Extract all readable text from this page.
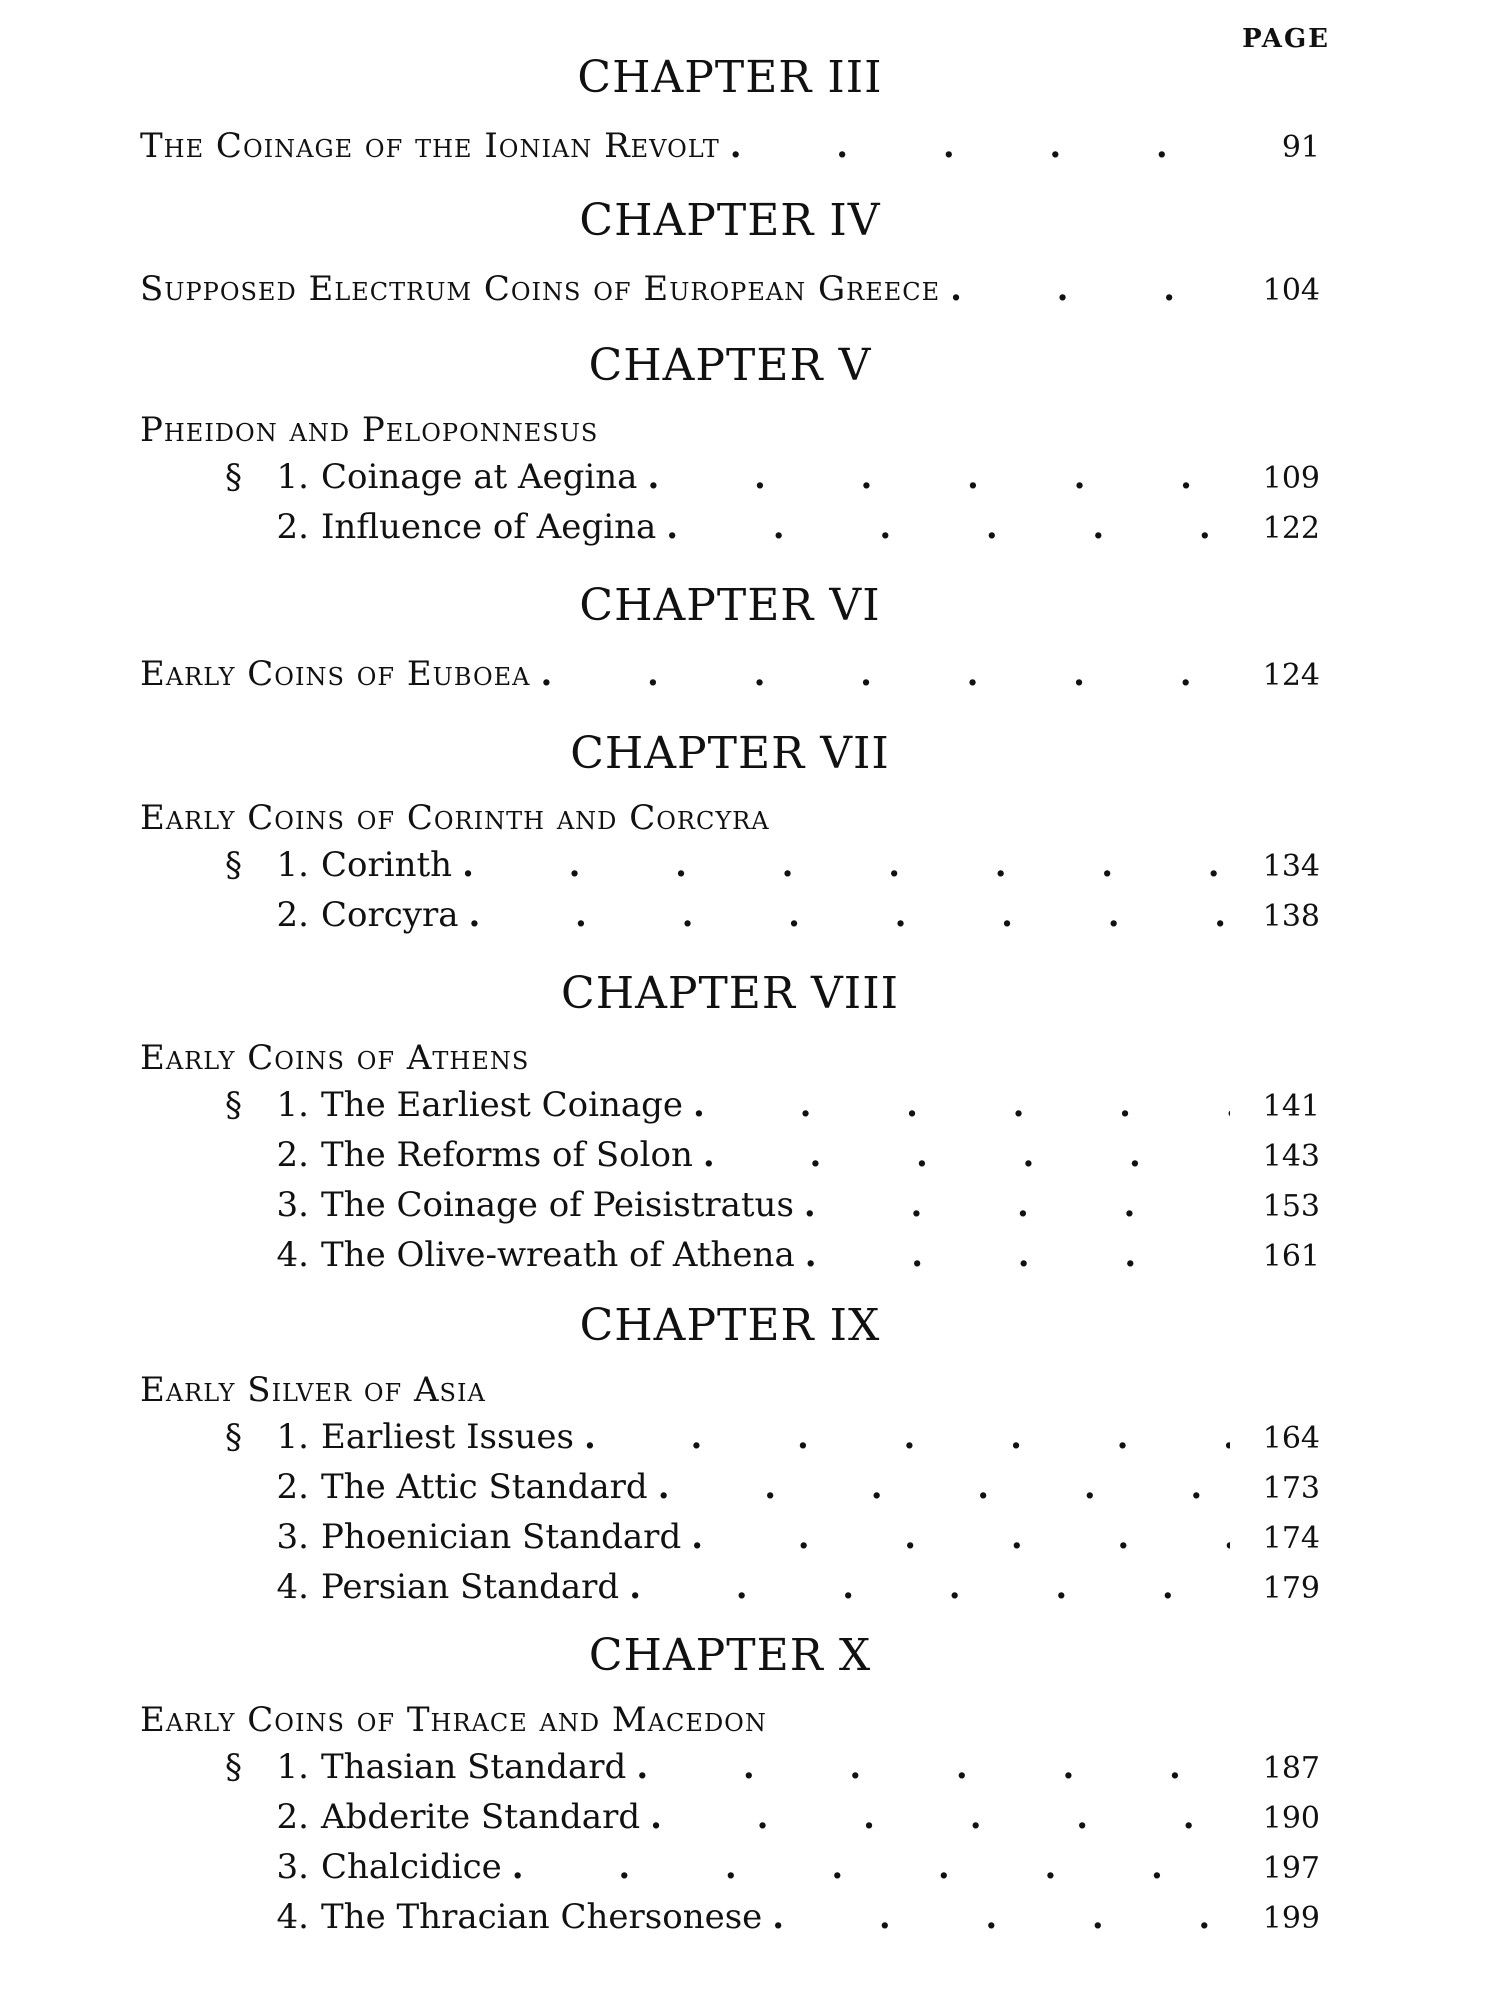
PAGE
CHAPTER III
The Coinage of the Ionian Revolt .	91
CHAPTER IV
Supposed Electrum Coins of European Greece .	104
CHAPTER V
Pheidon and Peloponnesus
§	1. Coinage at Aegina .	109
2. Influence of Aegina .	122
CHAPTER VI
Early Coins of Euboea .	124
CHAPTER VII
Early Coins of Corinth and Corcyra
§	1. Corinth .	134
2. Corcyra .	138
CHAPTER VIII
Early Coins of Athens
§	1. The Earliest Coinage .	141
2. The Reforms of Solon .	143
3. The Coinage of Peisistratus .	153
4. The Olive-wreath of Athena .	161
CHAPTER IX
Early Silver of Asia
§	1. Earliest Issues .	164
2. The Attic Standard .	173
3. Phoenician Standard .	174
4. Persian Standard .	179
CHAPTER X
Early Coins of Thrace and Macedon
§	1. Thasian Standard .	187
2. Abderite Standard .	190
3. Chalcidice .	197
4. The Thracian Chersonese .	199
